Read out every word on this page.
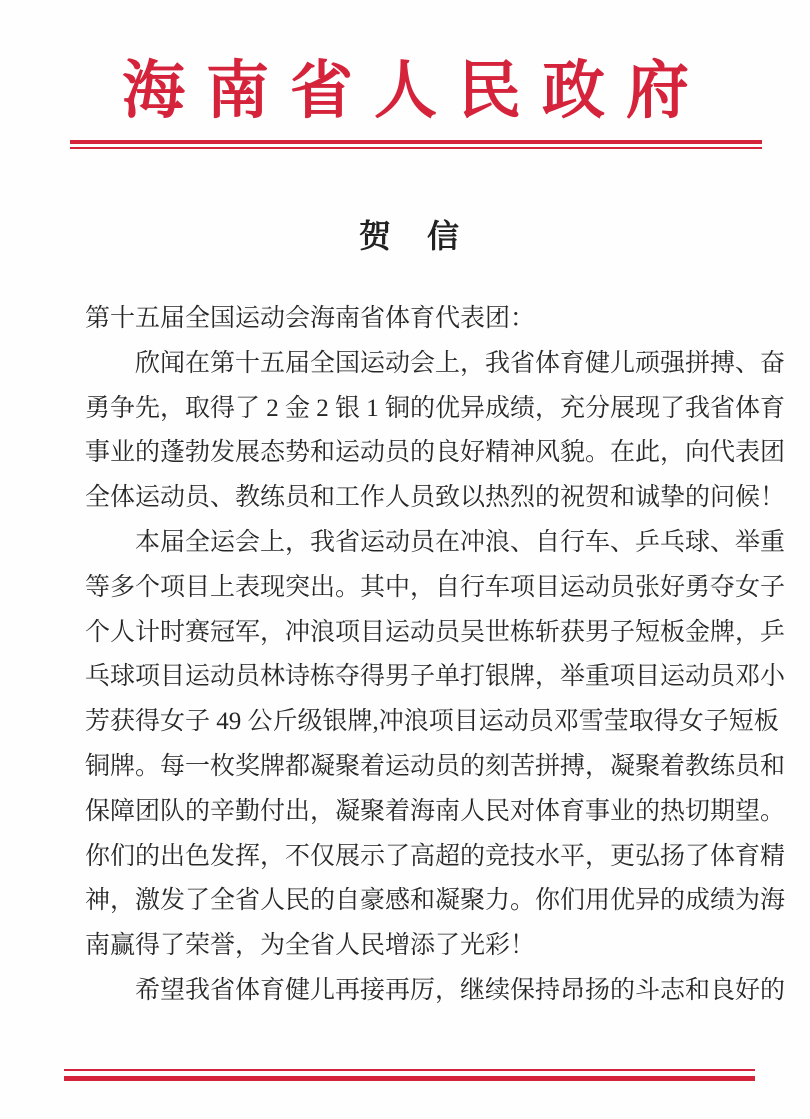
海南省人民政府
贺　信
第十五届全国运动会海南省体育代表团：
　　欣闻在第十五届全国运动会上，我省体育健儿顽强拼搏、奋
勇争先，取得了 2 金 2 银 1 铜的优异成绩，充分展现了我省体育
事业的蓬勃发展态势和运动员的良好精神风貌。在此，向代表团
全体运动员、教练员和工作人员致以热烈的祝贺和诚挚的问候！
　　本届全运会上，我省运动员在冲浪、自行车、乒乓球、举重
等多个项目上表现突出。其中，自行车项目运动员张好勇夺女子
个人计时赛冠军，冲浪项目运动员吴世栋斩获男子短板金牌，乒
乓球项目运动员林诗栋夺得男子单打银牌，举重项目运动员邓小
芳获得女子 49 公斤级银牌,冲浪项目运动员邓雪莹取得女子短板
铜牌。每一枚奖牌都凝聚着运动员的刻苦拼搏，凝聚着教练员和
保障团队的辛勤付出，凝聚着海南人民对体育事业的热切期望。
你们的出色发挥，不仅展示了高超的竞技水平，更弘扬了体育精
神，激发了全省人民的自豪感和凝聚力。你们用优异的成绩为海
南赢得了荣誉，为全省人民增添了光彩！
　　希望我省体育健儿再接再厉，继续保持昂扬的斗志和良好的
